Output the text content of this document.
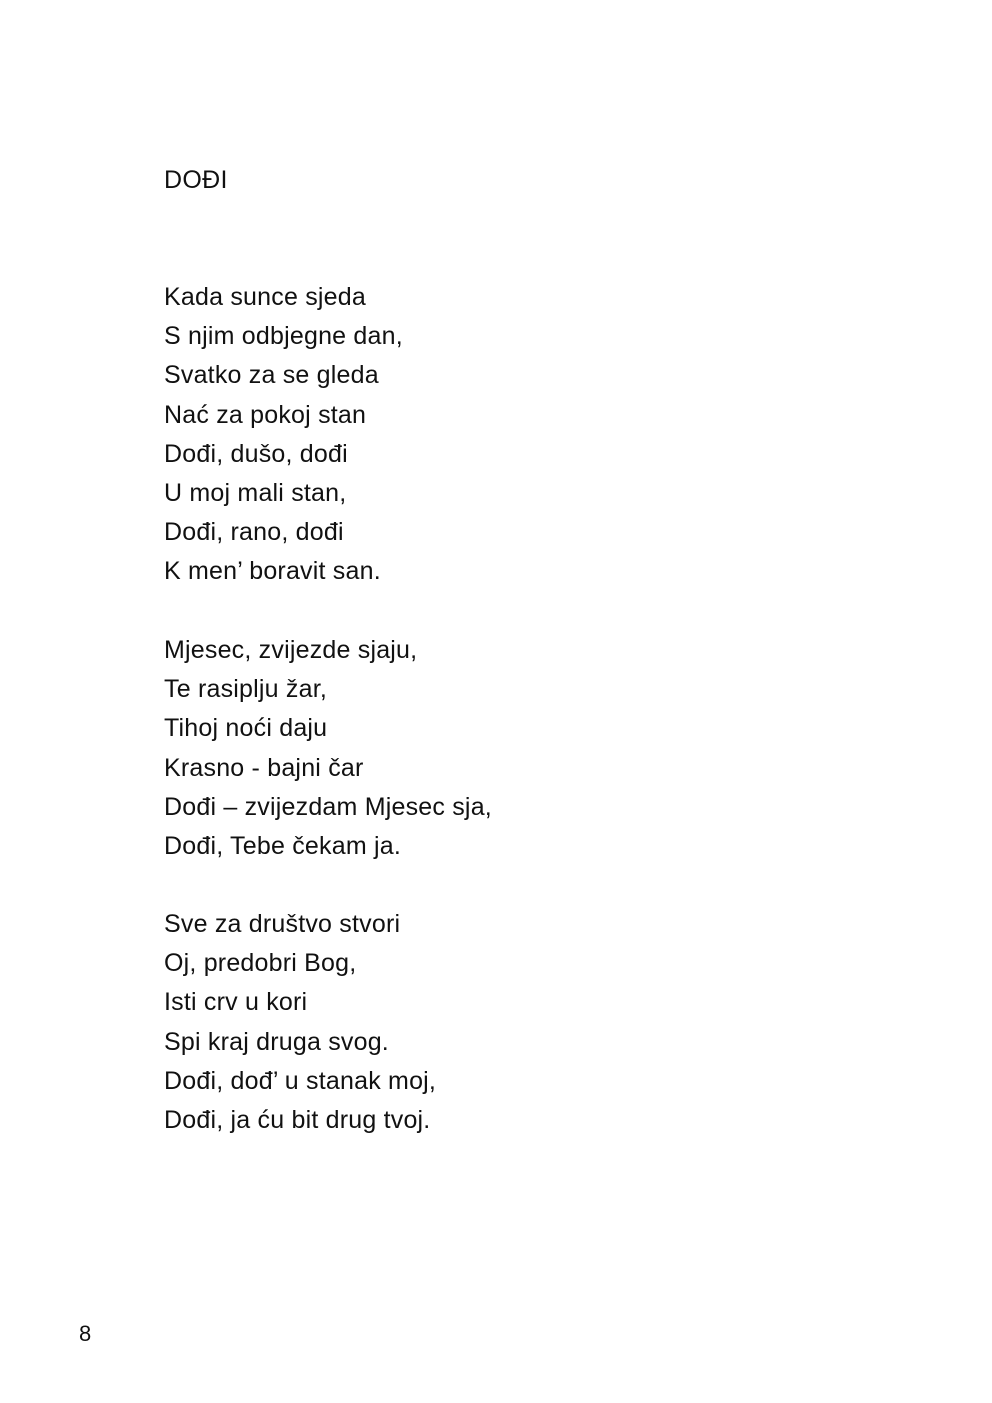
DOĐI
Kada sunce sjeda
S njim odbjegne dan,
Svatko za se gleda
Nać za pokoj stan
Dođi, dušo, dođi
U moj mali stan,
Dođi, rano, dođi
K men’ boravit san.
Mjesec, zvijezde sjaju,
Te rasiplju žar,
Tihoj noći daju
Krasno - bajni čar
Dođi – zvijezdam Mjesec sja,
Dođi, Tebe čekam ja.
Sve za društvo stvori
Oj, predobri Bog,
Isti crv u kori
Spi kraj druga svog.
Dođi, dođ’ u stanak moj,
Dođi, ja ću bit drug tvoj.
8
